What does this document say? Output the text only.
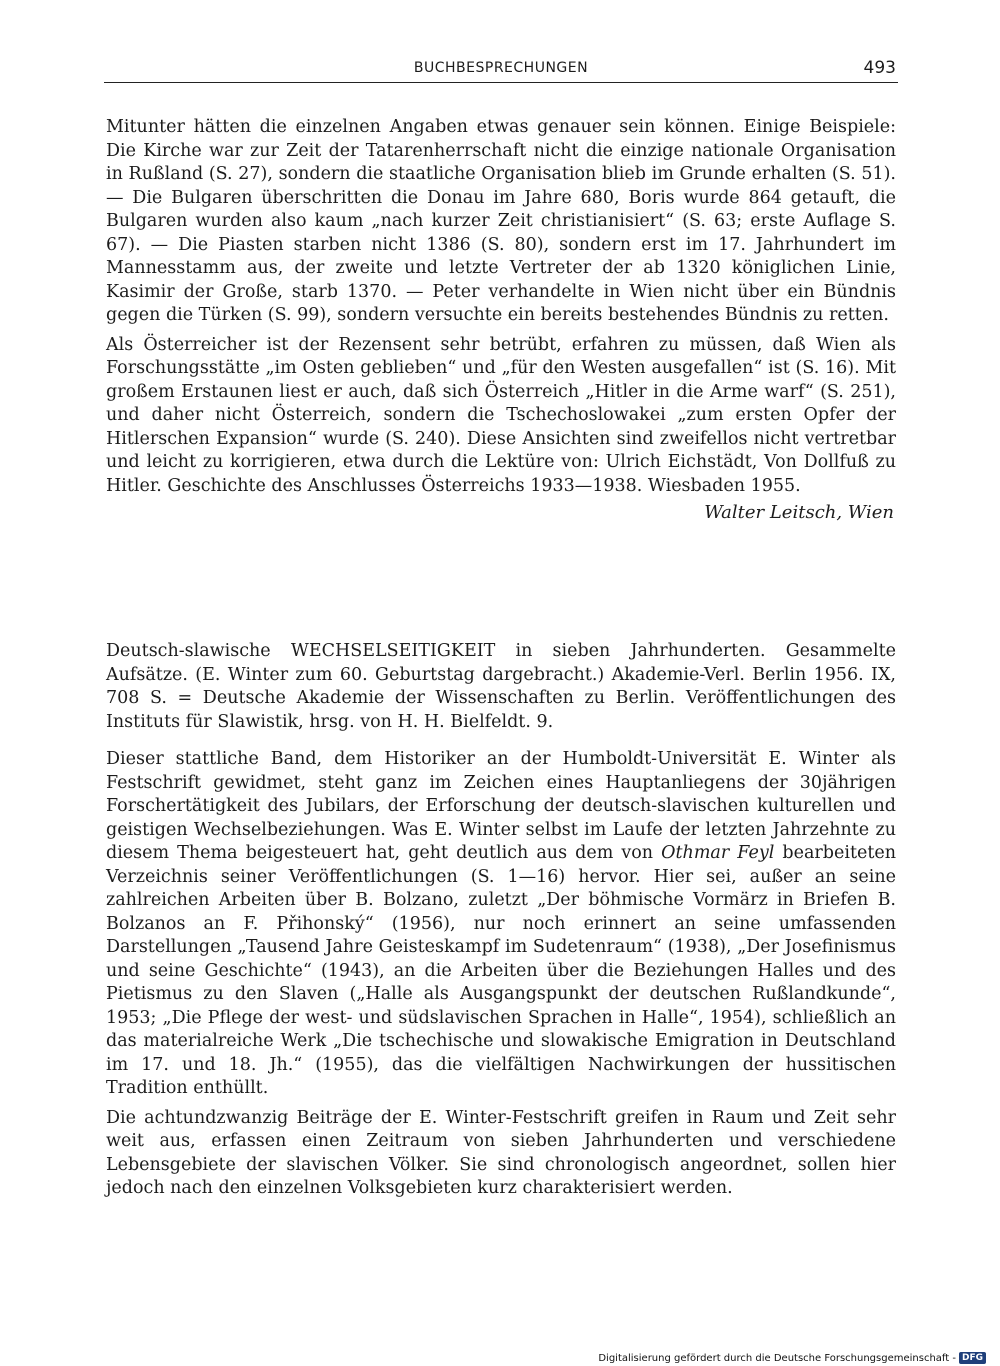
BUCHBESPRECHUNGEN	493

Mitunter hätten die einzelnen Angaben etwas genauer sein können. Einige Beispiele: Die Kirche war zur Zeit der Tatarenherrschaft nicht die einzige nationale Organisation in Rußland (S. 27), sondern die staatliche Organisation blieb im Grunde erhalten (S. 51). — Die Bulgaren überschritten die Donau im Jahre 680, Boris wurde 864 getauft, die Bulgaren wurden also kaum „nach kurzer Zeit christianisiert“ (S. 63; erste Auflage S. 67). — Die Piasten starben nicht 1386 (S. 80), sondern erst im 17. Jahrhundert im Mannesstamm aus, der zweite und letzte Vertreter der ab 1320 königlichen Linie, Kasimir der Große, starb 1370. — Peter verhandelte in Wien nicht über ein Bündnis gegen die Türken (S. 99), sondern versuchte ein bereits bestehendes Bündnis zu retten.

Als Österreicher ist der Rezensent sehr betrübt, erfahren zu müssen, daß Wien als Forschungsstätte „im Osten geblieben“ und „für den Westen ausgefallen“ ist (S. 16). Mit großem Erstaunen liest er auch, daß sich Österreich „Hitler in die Arme warf“ (S. 251), und daher nicht Österreich, sondern die Tschechoslowakei „zum ersten Opfer der Hitlerschen Expansion“ wurde (S. 240). Diese Ansichten sind zweifellos nicht vertretbar und leicht zu korrigieren, etwa durch die Lektüre von: Ulrich Eichstädt, Von Dollfuß zu Hitler. Geschichte des Anschlusses Österreichs 1933—1938. Wiesbaden 1955.

Walter Leitsch, Wien

Deutsch-slawische WECHSELSEITIGKEIT in sieben Jahrhunderten. Gesammelte Aufsätze. (E. Winter zum 60. Geburtstag dargebracht.) Akademie-Verl. Berlin 1956. IX, 708 S. = Deutsche Akademie der Wissenschaften zu Berlin. Veröffentlichungen des Instituts für Slawistik, hrsg. von H. H. Bielfeldt. 9.

Dieser stattliche Band, dem Historiker an der Humboldt-Universität E. Winter als Festschrift gewidmet, steht ganz im Zeichen eines Hauptanliegens der 30jährigen Forschertätigkeit des Jubilars, der Erforschung der deutsch-slavischen kulturellen und geistigen Wechselbeziehungen. Was E. Winter selbst im Laufe der letzten Jahrzehnte zu diesem Thema beigesteuert hat, geht deutlich aus dem von Othmar Feyl bearbeiteten Verzeichnis seiner Veröffentlichungen (S. 1—16) hervor. Hier sei, außer an seine zahlreichen Arbeiten über B. Bolzano, zuletzt „Der böhmische Vormärz in Briefen B. Bolzanos an F. Přihonský“ (1956), nur noch erinnert an seine umfassenden Darstellungen „Tausend Jahre Geisteskampf im Sudetenraum“ (1938), „Der Josefinismus und seine Geschichte“ (1943), an die Arbeiten über die Beziehungen Halles und des Pietismus zu den Slaven („Halle als Ausgangspunkt der deutschen Rußlandkunde“, 1953; „Die Pflege der west- und südslavischen Sprachen in Halle“, 1954), schließlich an das materialreiche Werk „Die tschechische und slowakische Emigration in Deutschland im 17. und 18. Jh.“ (1955), das die vielfältigen Nachwirkungen der hussitischen Tradition enthüllt.

Die achtundzwanzig Beiträge der E. Winter-Festschrift greifen in Raum und Zeit sehr weit aus, erfassen einen Zeitraum von sieben Jahrhunderten und verschiedene Lebensgebiete der slavischen Völker. Sie sind chronologisch angeordnet, sollen hier jedoch nach den einzelnen Volksgebieten kurz charakterisiert werden.

Digitalisierung gefördert durch die Deutsche Forschungsgemeinschaft - DFG
